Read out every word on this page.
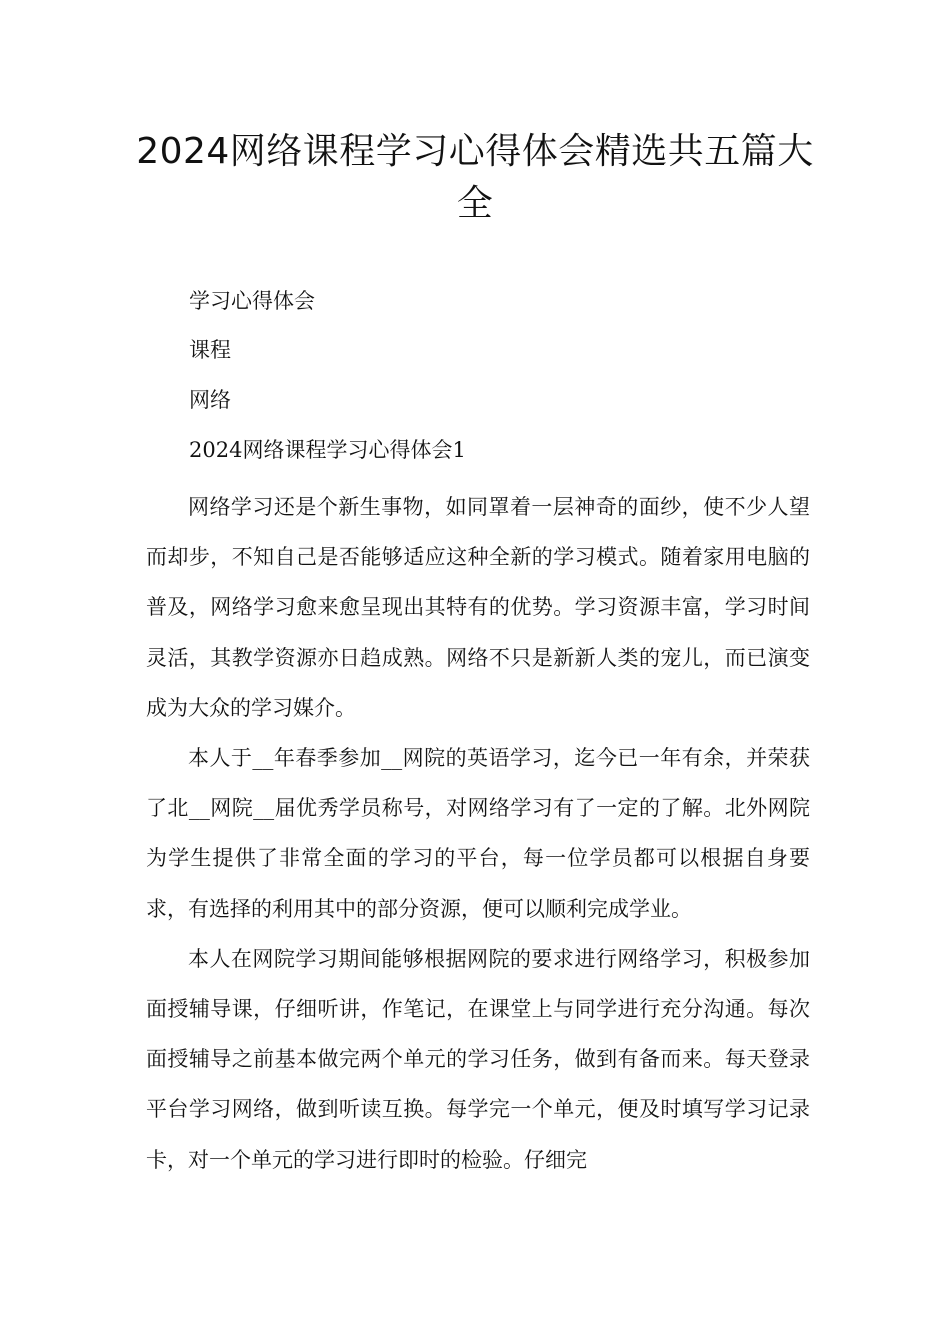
2024网络课程学习心得体会精选共五篇大全

学习心得体会

课程

网络

2024网络课程学习心得体会1

网络学习还是个新生事物，如同罩着一层神奇的面纱，使不少人望而却步，不知自己是否能够适应这种全新的学习模式。随着家用电脑的普及，网络学习愈来愈呈现出其特有的优势。学习资源丰富，学习时间灵活，其教学资源亦日趋成熟。网络不只是新新人类的宠儿，而已演变成为大众的学习媒介。

本人于__年春季参加__网院的英语学习，迄今已一年有余，并荣获了北__网院__届优秀学员称号，对网络学习有了一定的了解。北外网院为学生提供了非常全面的学习的平台，每一位学员都可以根据自身要求，有选择的利用其中的部分资源，便可以顺利完成学业。

本人在网院学习期间能够根据网院的要求进行网络学习，积极参加面授辅导课，仔细听讲，作笔记，在课堂上与同学进行充分沟通。每次面授辅导之前基本做完两个单元的学习任务，做到有备而来。每天登录平台学习网络，做到听读互换。每学完一个单元，便及时填写学习记录卡，对一个单元的学习进行即时的检验。仔细完
